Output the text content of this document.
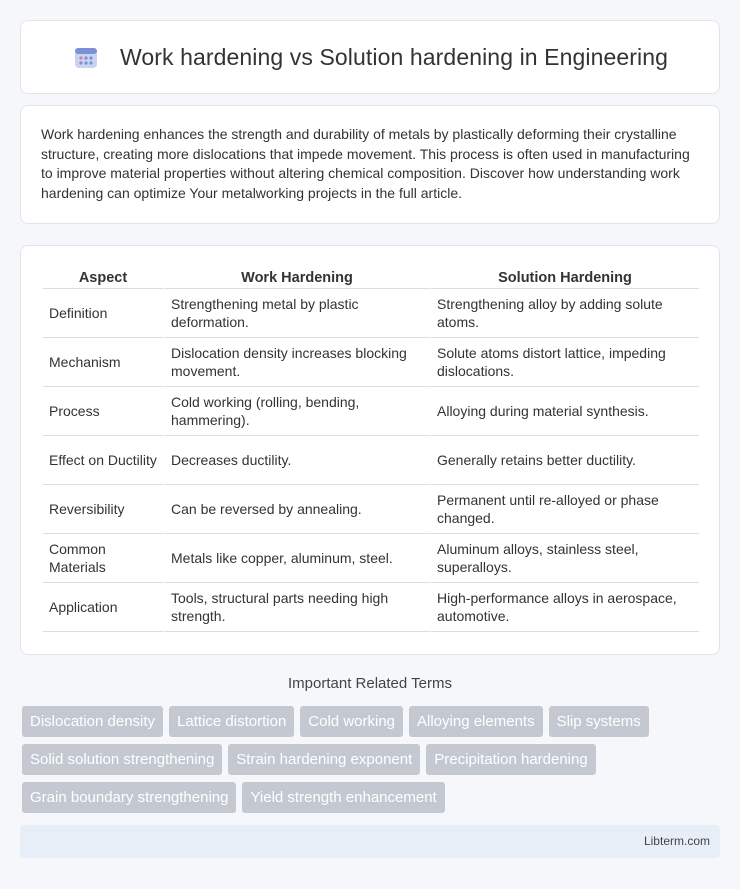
Work hardening vs Solution hardening in Engineering

Work hardening enhances the strength and durability of metals by plastically deforming their crystalline structure, creating more dislocations that impede movement. This process is often used in manufacturing to improve material properties without altering chemical composition. Discover how understanding work hardening can optimize Your metalworking projects in the full article.

Aspect	Work Hardening	Solution Hardening
Definition	Strengthening metal by plastic deformation.	Strengthening alloy by adding solute atoms.
Mechanism	Dislocation density increases blocking movement.	Solute atoms distort lattice, impeding dislocations.
Process	Cold working (rolling, bending, hammering).	Alloying during material synthesis.
Effect on Ductility	Decreases ductility.	Generally retains better ductility.
Reversibility	Can be reversed by annealing.	Permanent until re-alloyed or phase changed.
Common Materials	Metals like copper, aluminum, steel.	Aluminum alloys, stainless steel, superalloys.
Application	Tools, structural parts needing high strength.	High-performance alloys in aerospace, automotive.
Important Related Terms
Dislocation density	Lattice distortion	Cold working	Alloying elements	Slip systems
Solid solution strengthening	Strain hardening exponent	Precipitation hardening
Grain boundary strengthening	Yield strength enhancement
Libterm.com
